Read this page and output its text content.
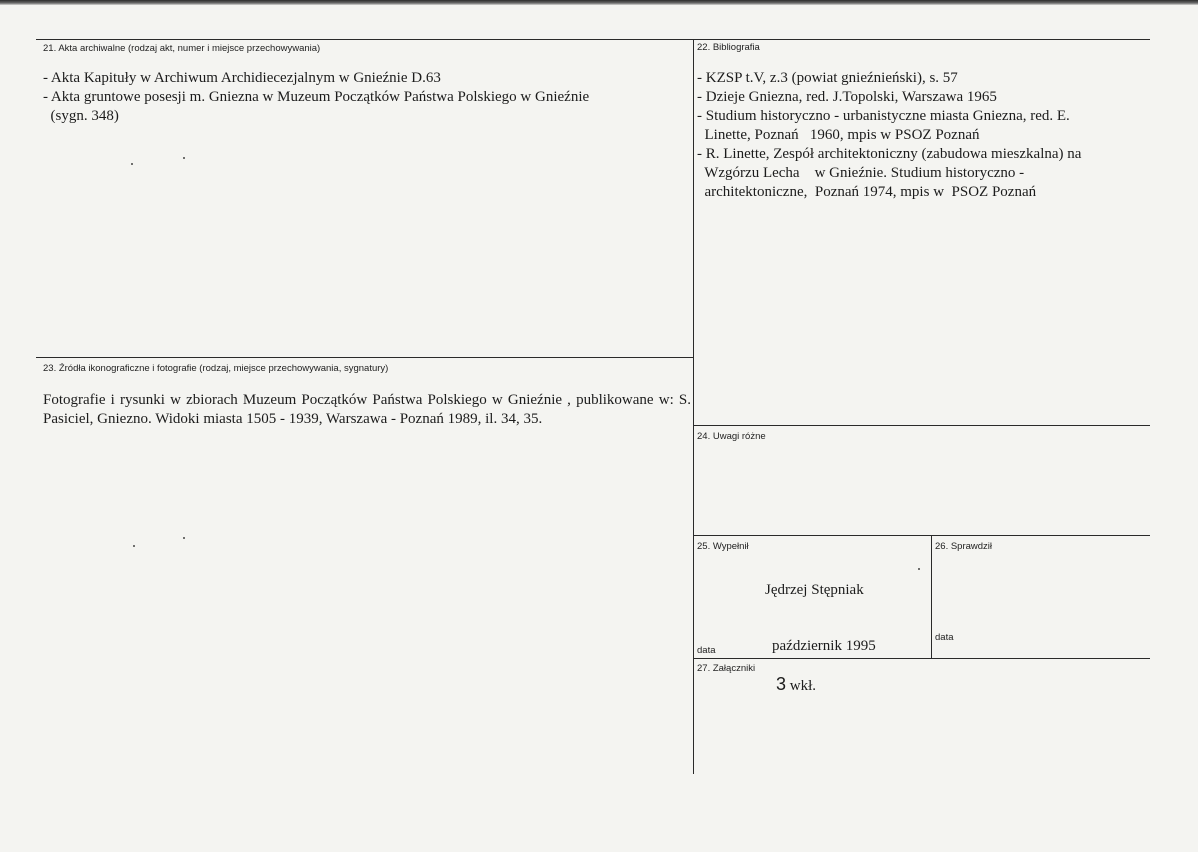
21. Akta archiwalne (rodzaj akt, numer i miejsce przechowywania)
- Akta Kapituły w Archiwum Archidiecezjalnym w Gnieźnie D.63
- Akta gruntowe posesji m. Gniezna w Muzeum Początków Państwa Polskiego w Gnieźnie
(sygn. 348)
22. Bibliografia
- KZSP t.V, z.3 (powiat gnieźnieński), s. 57
- Dzieje Gniezna, red. J.Topolski, Warszawa 1965
- Studium historyczno - urbanistyczne miasta Gniezna, red. E.
Linette, Poznań   1960, mpis w PSOZ Poznań
- R. Linette, Zespół architektoniczny (zabudowa mieszkalna) na
Wzgórzu Lecha    w Gnieźnie. Studium historyczno -
architektoniczne,  Poznań 1974, mpis w  PSOZ Poznań
23. Źródła ikonograficzne i fotografie (rodzaj, miejsce przechowywania, sygnatury)
Fotografie i rysunki w zbiorach Muzeum Początków Państwa Polskiego w Gnieźnie , publikowane w: S. Pasiciel, Gniezno. Widoki miasta 1505 - 1939, Warszawa - Poznań 1989, il. 34, 35.
24. Uwagi różne
25. Wypełnił
Jędrzej Stępniak
data	październik 1995
26. Sprawdził
data
27. Załączniki
3 wkł.
